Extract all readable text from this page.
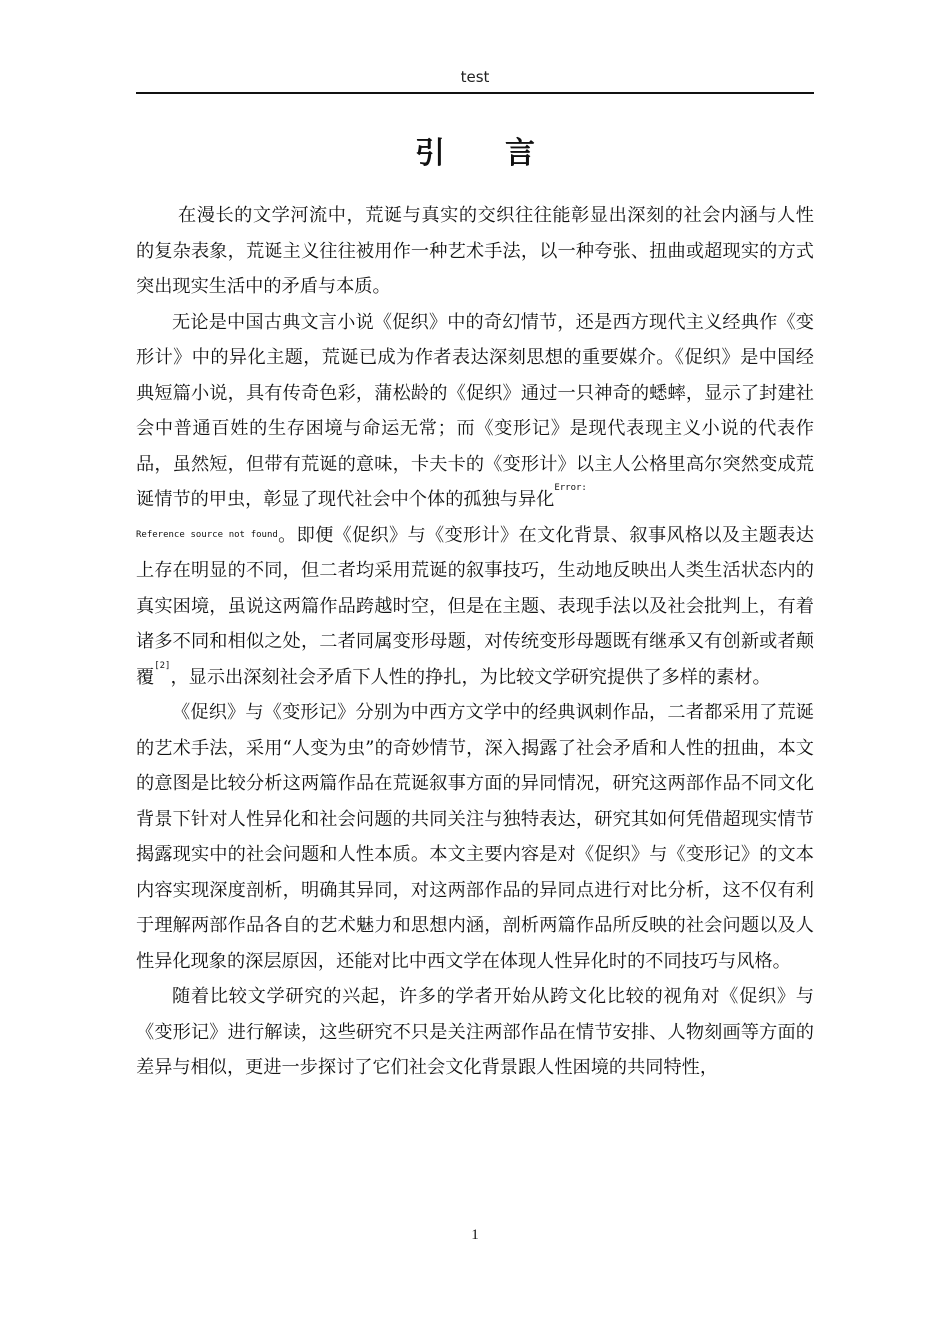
test
引言

在漫长的文学河流中，荒诞与真实的交织往往能彰显出深刻的社会内涵与人性的复杂表象，荒诞主义往往被用作一种艺术手法，以一种夸张、扭曲或超现实的方式突出现实生活中的矛盾与本质。

无论是中国古典文言小说《促织》中的奇幻情节，还是西方现代主义经典作《变形计》中的异化主题，荒诞已成为作者表达深刻思想的重要媒介。《促织》是中国经典短篇小说，具有传奇色彩，蒲松龄的《促织》通过一只神奇的蟋蟀，显示了封建社会中普通百姓的生存困境与命运无常；而《变形记》是现代表现主义小说的代表作品，虽然短，但带有荒诞的意味，卡夫卡的《变形计》以主人公格里高尔突然变成荒诞情节的甲虫，彰显了现代社会中个体的孤独与异化$^{Error:}$
$^{Reference source not found}$。即便《促织》与《变形计》在文化背景、叙事风格以及主题表达上存在明显的不同，但二者均采用荒诞的叙事技巧，生动地反映出人类生活状态内的真实困境，虽说这两篇作品跨越时空，但是在主题、表现手法以及社会批判上，有着诸多不同和相似之处，二者同属变形母题，对传统变形母题既有继承又有创新或者颠覆[2]，显示出深刻社会矛盾下人性的挣扎，为比较文学研究提供了多样的素材。

《促织》与《变形记》分别为中西方文学中的经典讽刺作品，二者都采用了荒诞的艺术手法，采用“人变为虫”的奇妙情节，深入揭露了社会矛盾和人性的扭曲，本文的意图是比较分析这两篇作品在荒诞叙事方面的异同情况，研究这两部作品不同文化背景下针对人性异化和社会问题的共同关注与独特表达，研究其如何凭借超现实情节揭露现实中的社会问题和人性本质。本文主要内容是对《促织》与《变形记》的文本内容实现深度剖析，明确其异同，对这两部作品的异同点进行对比分析，这不仅有利于理解两部作品各自的艺术魅力和思想内涵，剖析两篇作品所反映的社会问题以及人性异化现象的深层原因，还能对比中西文学在体现人性异化时的不同技巧与风格。

随着比较文学研究的兴起，许多的学者开始从跨文化比较的视角对《促织》与《变形记》进行解读，这些研究不只是关注两部作品在情节安排、人物刻画等方面的差异与相似，更进一步探讨了它们社会文化背景跟人性困境的共同特性，

1
